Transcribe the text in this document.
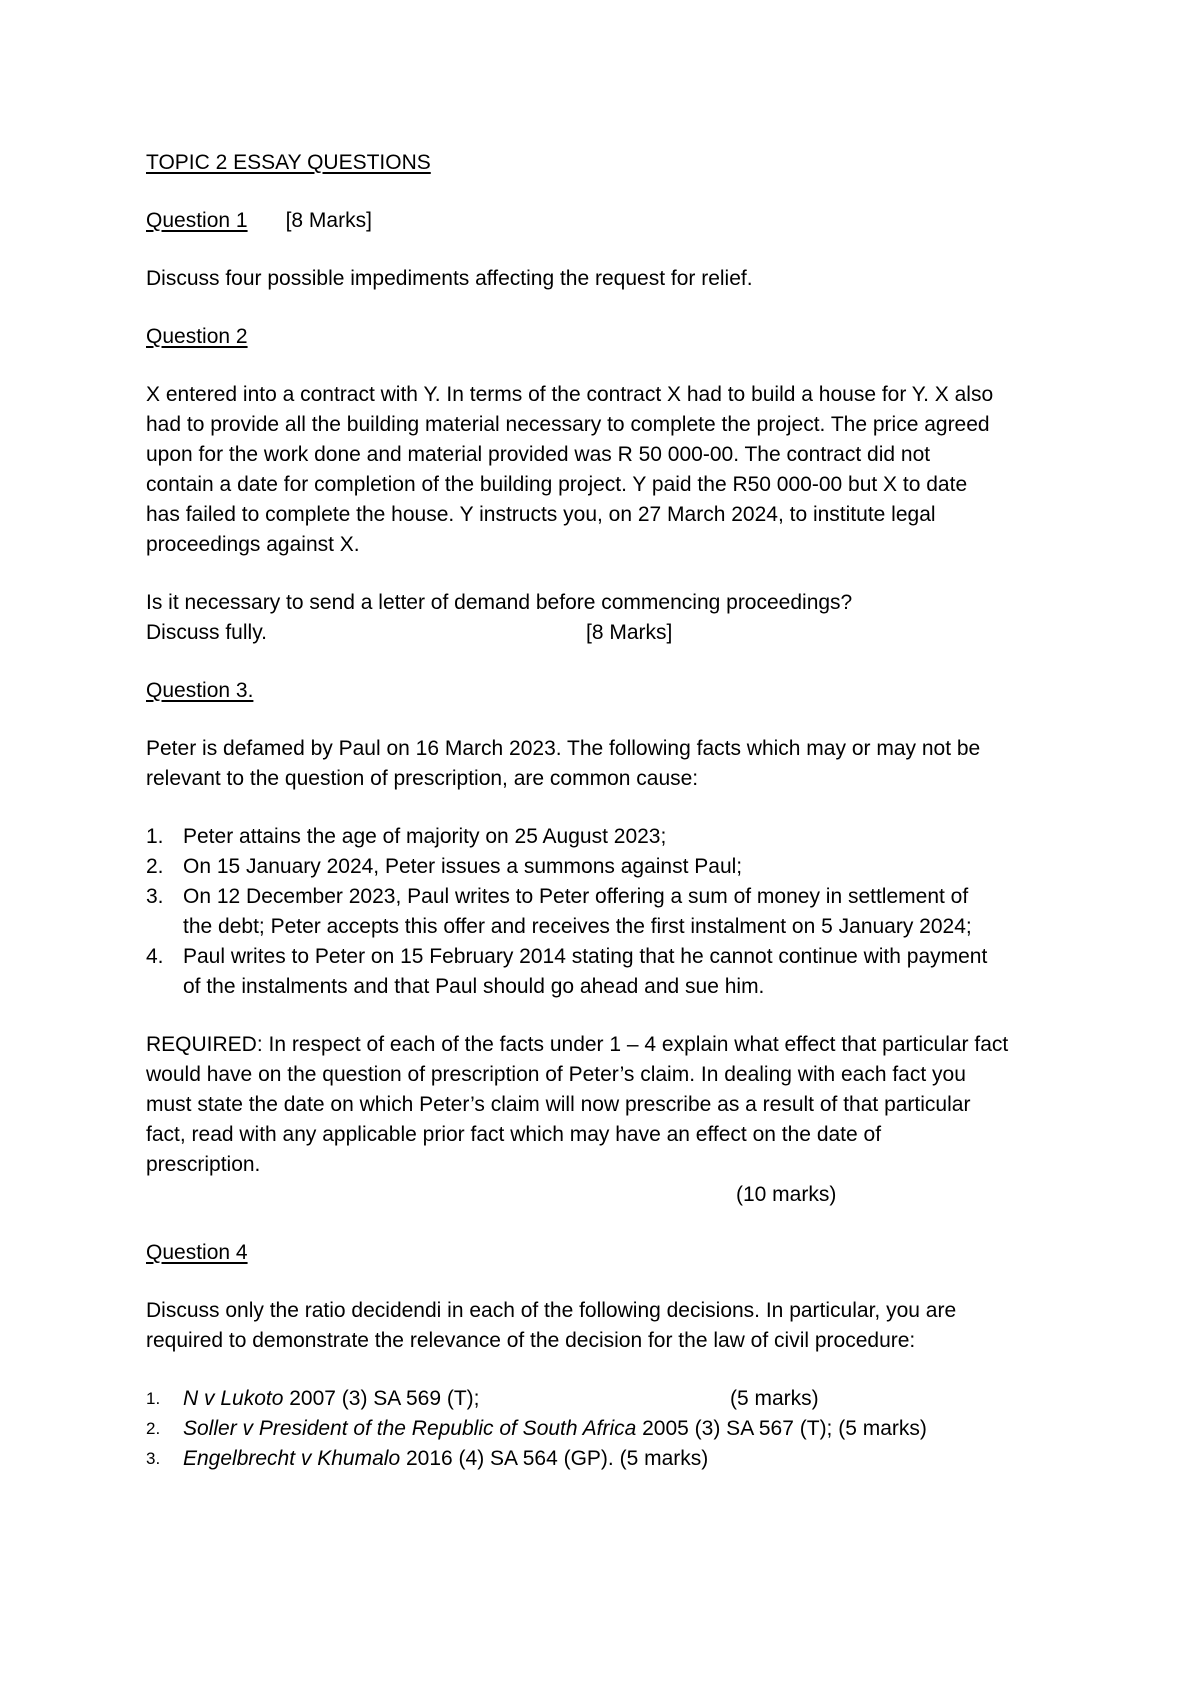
TOPIC 2 ESSAY QUESTIONS

Question 1 [8 Marks]

Discuss four possible impediments affecting the request for relief.

Question 2

X entered into a contract with Y. In terms of the contract X had to build a house for Y. X also

had to provide all the building material necessary to complete the project. The price agreed

upon for the work done and material provided was R 50 000-00. The contract did not

contain a date for completion of the building project. Y paid the R50 000-00 but X to date

has failed to complete the house. Y instructs you, on 27 March 2024, to institute legal

proceedings against X.

Is it necessary to send a letter of demand before commencing proceedings?

Discuss fully.	[8 Marks]

Question 3.

Peter is defamed by Paul on 16 March 2023. The following facts which may or may not be

relevant to the question of prescription, are common cause:

1. Peter attains the age of majority on 25 August 2023;

2. On 15 January 2024, Peter issues a summons against Paul;

3. On 12 December 2023, Paul writes to Peter offering a sum of money in settlement of

the debt; Peter accepts this offer and receives the first instalment on 5 January 2024;

4. Paul writes to Peter on 15 February 2014 stating that he cannot continue with payment

of the instalments and that Paul should go ahead and sue him.

REQUIRED: In respect of each of the facts under 1 – 4 explain what effect that particular fact

would have on the question of prescription of Peter’s claim. In dealing with each fact you

must state the date on which Peter’s claim will now prescribe as a result of that particular

fact, read with any applicable prior fact which may have an effect on the date of

prescription.

(10 marks)

Question 4

Discuss only the ratio decidendi in each of the following decisions. In particular, you are

required to demonstrate the relevance of the decision for the law of civil procedure:

1. N v Lukoto 2007 (3) SA 569 (T);	(5 marks)
2. Soller v President of the Republic of South Africa 2005 (3) SA 567 (T); (5 marks)
3. Engelbrecht v Khumalo 2016 (4) SA 564 (GP). (5 marks)
